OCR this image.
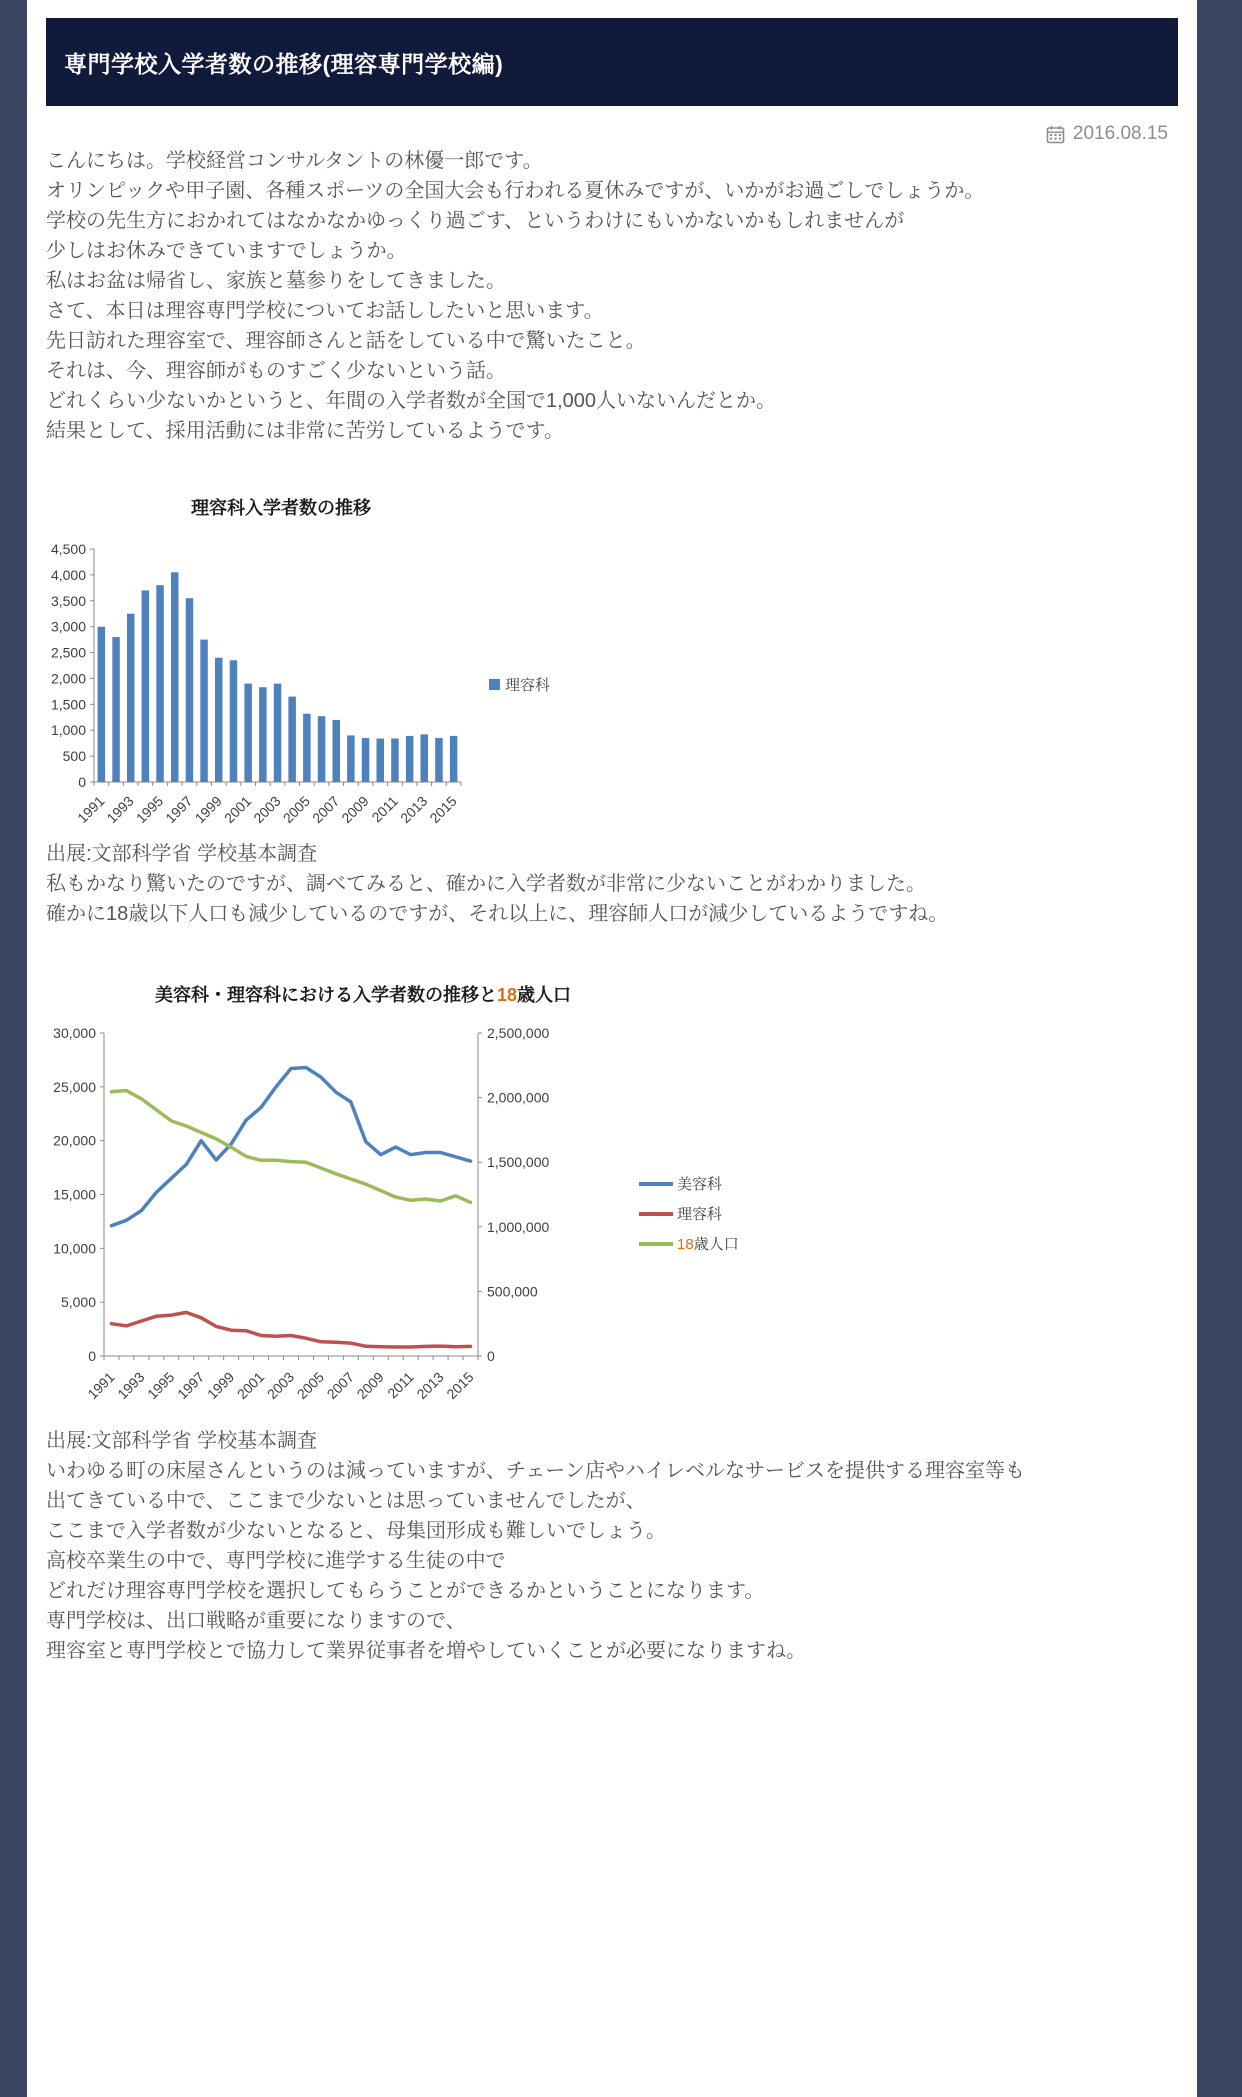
専門学校入学者数の推移(理容専門学校編)
2016.08.15

こんにちは。学校経営コンサルタントの林優一郎です。

オリンピックや甲子園、各種スポーツの全国大会も行われる夏休みですが、いかがお過ごしでしょうか。

学校の先生方におかれてはなかなかゆっくり過ごす、というわけにもいかないかもしれませんが

少しはお休みできていますでしょうか。

私はお盆は帰省し、家族と墓参りをしてきました。

さて、本日は理容専門学校についてお話ししたいと思います。

先日訪れた理容室で、理容師さんと話をしている中で驚いたこと。

それは、今、理容師がものすごく少ないという話。

どれくらい少ないかというと、年間の入学者数が全国で1,000人いないんだとか。

結果として、採用活動には非常に苦労しているようです。

理容科入学者数の推移
0
500
1,000
1,500
2,000
2,500
3,000
3,500
4,000
4,500
1991
1993
1995
1997
1999
2001
2003
2005
2007
2009
2011
2013
2015
理容科

出展:文部科学省 学校基本調査

私もかなり驚いたのですが、調べてみると、確かに入学者数が非常に少ないことがわかりました。

確かに18歳以下人口も減少しているのですが、それ以上に、理容師人口が減少しているようですね。

美容科・理容科における入学者数の推移と18歳人口
0
5,000
10,000
15,000
20,000
25,000
30,000
0
500,000
1,000,000
1,500,000
2,000,000
2,500,000
1991
1993
1995
1997
1999
2001
2003
2005
2007
2009
2011
2013
2015
美容科
理容科
18歳人口

出展:文部科学省 学校基本調査

いわゆる町の床屋さんというのは減っていますが、チェーン店やハイレベルなサービスを提供する理容室等も

出てきている中で、ここまで少ないとは思っていませんでしたが、

ここまで入学者数が少ないとなると、母集団形成も難しいでしょう。

高校卒業生の中で、専門学校に進学する生徒の中で

どれだけ理容専門学校を選択してもらうことができるかということになります。

専門学校は、出口戦略が重要になりますので、

理容室と専門学校とで協力して業界従事者を増やしていくことが必要になりますね。
